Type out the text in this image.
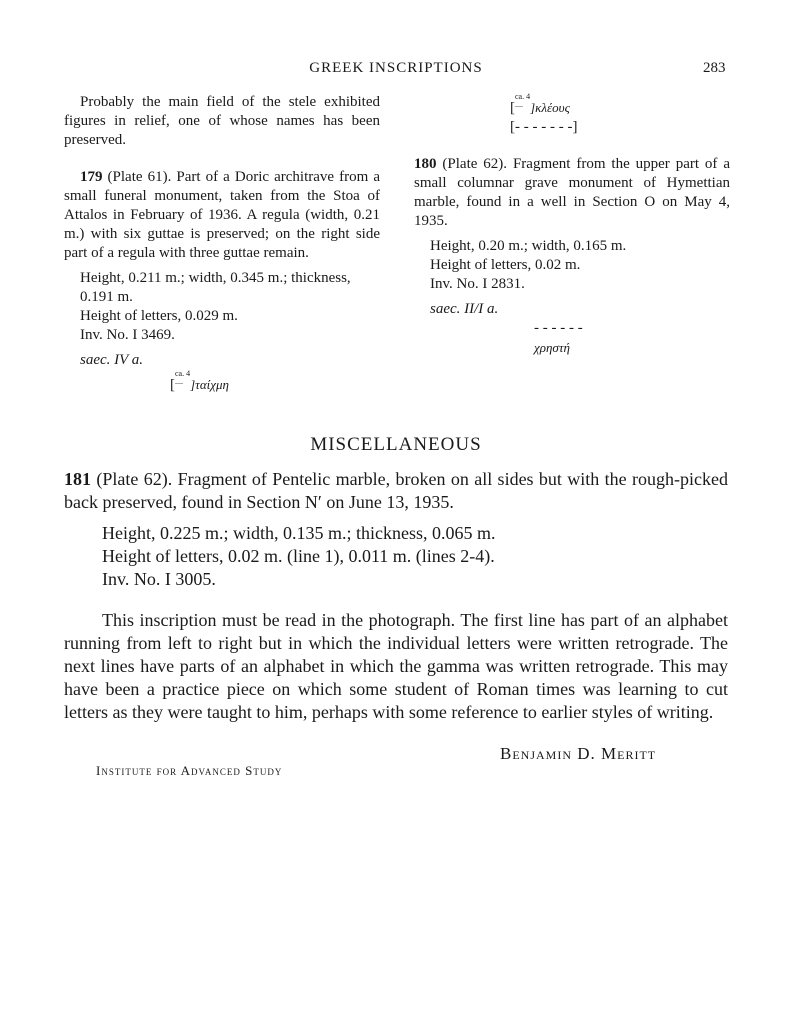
GREEK INSCRIPTIONS	283

Probably the main field of the stele exhibited figures in relief, one of whose names has been preserved.

179 (Plate 61). Part of a Doric architrave from a small funeral monument, taken from the Stoa of Attalos in February of 1936. A regula (width, 0.21 m.) with six guttae is preserved; on the right side part of a regula with three guttae remain.

Height, 0.211 m.; width, 0.345 m.; thickness, 0.191 m.

Height of letters, 0.029 m.

Inv. No. I 3469.

saec. IV a.

[ca. 4
.... ]ταίχμη

[ca. 4
.... ]κλέους

[- - - - - - -]

180 (Plate 62). Fragment from the upper part of a small columnar grave monument of Hymettian marble, found in a well in Section Ο on May 4, 1935.

Height, 0.20 m.; width, 0.165 m.

Height of letters, 0.02 m.

Inv. No. I 2831.

saec. II/I a.

- - - - - -

χρηστή

MISCELLANEOUS

181 (Plate 62). Fragment of Pentelic marble, broken on all sides but with the rough-picked back preserved, found in Section Ν′ on June 13, 1935.

Height, 0.225 m.; width, 0.135 m.; thickness, 0.065 m.

Height of letters, 0.02 m. (line 1), 0.011 m. (lines 2-4).

Inv. No. I 3005.

This inscription must be read in the photograph. The first line has part of an alphabet running from left to right but in which the individual letters were written retrograde. The next lines have parts of an alphabet in which the gamma was written retrograde. This may have been a practice piece on which some student of Roman times was learning to cut letters as they were taught to him, perhaps with some reference to earlier styles of writing.

Benjamin D. Meritt
Institute for Advanced Study
